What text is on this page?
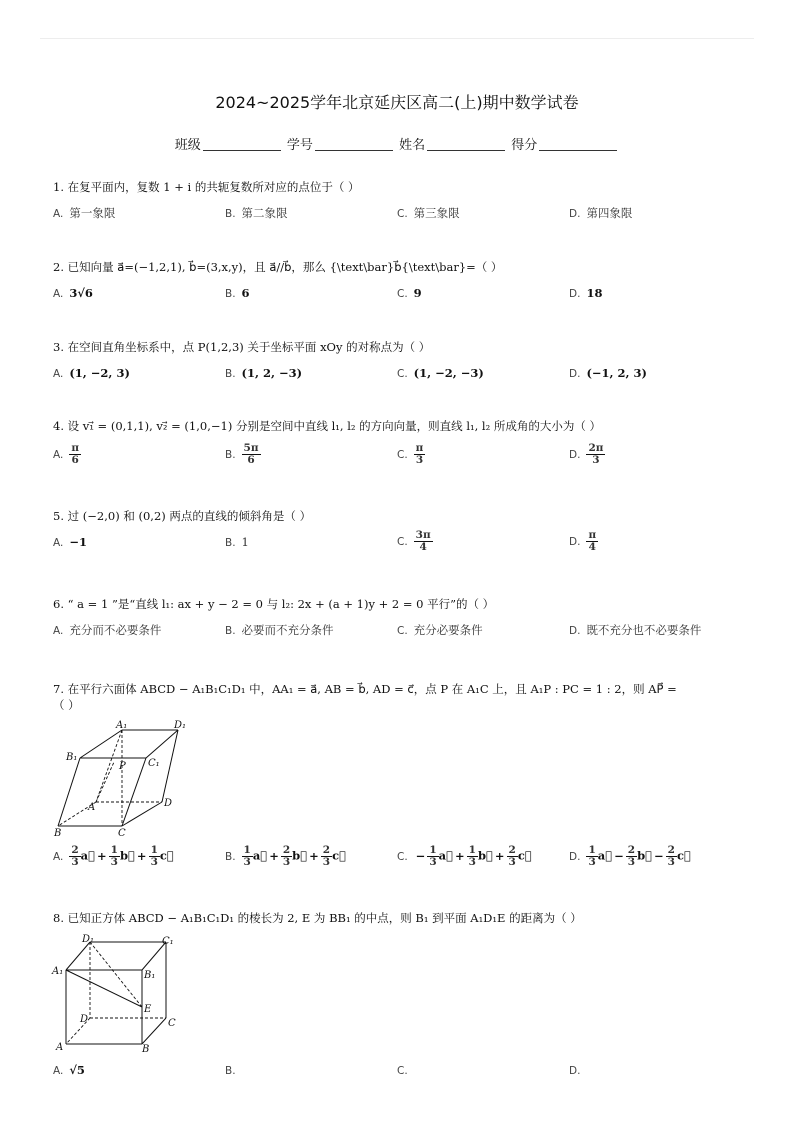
2024~2025学年北京延庆区高二(上)期中数学试卷
班级	学号	姓名	得分
1. 在复平面内，复数 1 + i 的共轭复数所对应的点位于（ ）
A. 第一象限	B. 第二象限	C. 第三象限	D. 第四象限
2. 已知向量 a⃗=(−1,2,1), b⃗=(3,x,y)，且 a⃗//b⃗，那么 {\text\bar}b⃗{\text\bar}=（ ）
A. 3√6	B. 6	C. 9	D. 18
3. 在空间直角坐标系中，点 P(1,2,3) 关于坐标平面 xOy 的对称点为（ ）
A. (1, −2, 3)	B. (1, 2, −3)	C. (1, −2, −3)	D. (−1, 2, 3)
4. 设 v₁⃗ = (0,1,1), v₂⃗ = (1,0,−1) 分别是空间中直线 l₁, l₂ 的方向向量，则直线 l₁, l₂ 所成角的大小为（ ）
A. $\frac{\pi}{6}$	B. $\frac{5\pi}{6}$	C. $\frac{\pi}{3}$	D. $\frac{2\pi}{3}$
5. 过 (−2,0) 和 (0,2) 两点的直线的倾斜角是（ ）
A. −1	B. 1	C. $\frac{3\pi}{4}$	D. $\frac{\pi}{4}$
6. “ a = 1 ”是“直线 l₁: ax + y − 2 = 0 与 l₂: 2x + (a + 1)y + 2 = 0 平行”的（ ）
A. 充分而不必要条件	B. 必要而不充分条件	C. 充分必要条件	D. 既不充分也不必要条件
7. 在平行六面体 ABCD − A₁B₁C₁D₁ 中，AA₁ = a⃗, AB = b⃗, AD = c⃗，点 P 在 A₁C 上，且 A₁P : PC = 1 : 2，则 AP⃗ =
（ ）
A₁	D₁
B₁
C₁
P
A	D
B	C
A. $\frac{2}{3}$ a⃗ + $\frac{1}{3}$ b⃗ + $\frac{1}{3}$ c⃗	B. $\frac{1}{3}$ a⃗ + $\frac{2}{3}$ b⃗ + $\frac{2}{3}$ c⃗	C. − $\frac{1}{3}$ a⃗ + $\frac{1}{3}$ b⃗ + $\frac{2}{3}$ c⃗	D. $\frac{1}{3}$ a⃗ − $\frac{2}{3}$ b⃗ − $\frac{2}{3}$ c⃗
8. 已知正方体 ABCD − A₁B₁C₁D₁ 的棱长为 2, E 为 BB₁ 的中点，则 B₁ 到平面 A₁D₁E 的距离为（ ）
D₁	C₁
A₁	B₁
E
D	C
A	B
A. √5	B.	C.	D.
